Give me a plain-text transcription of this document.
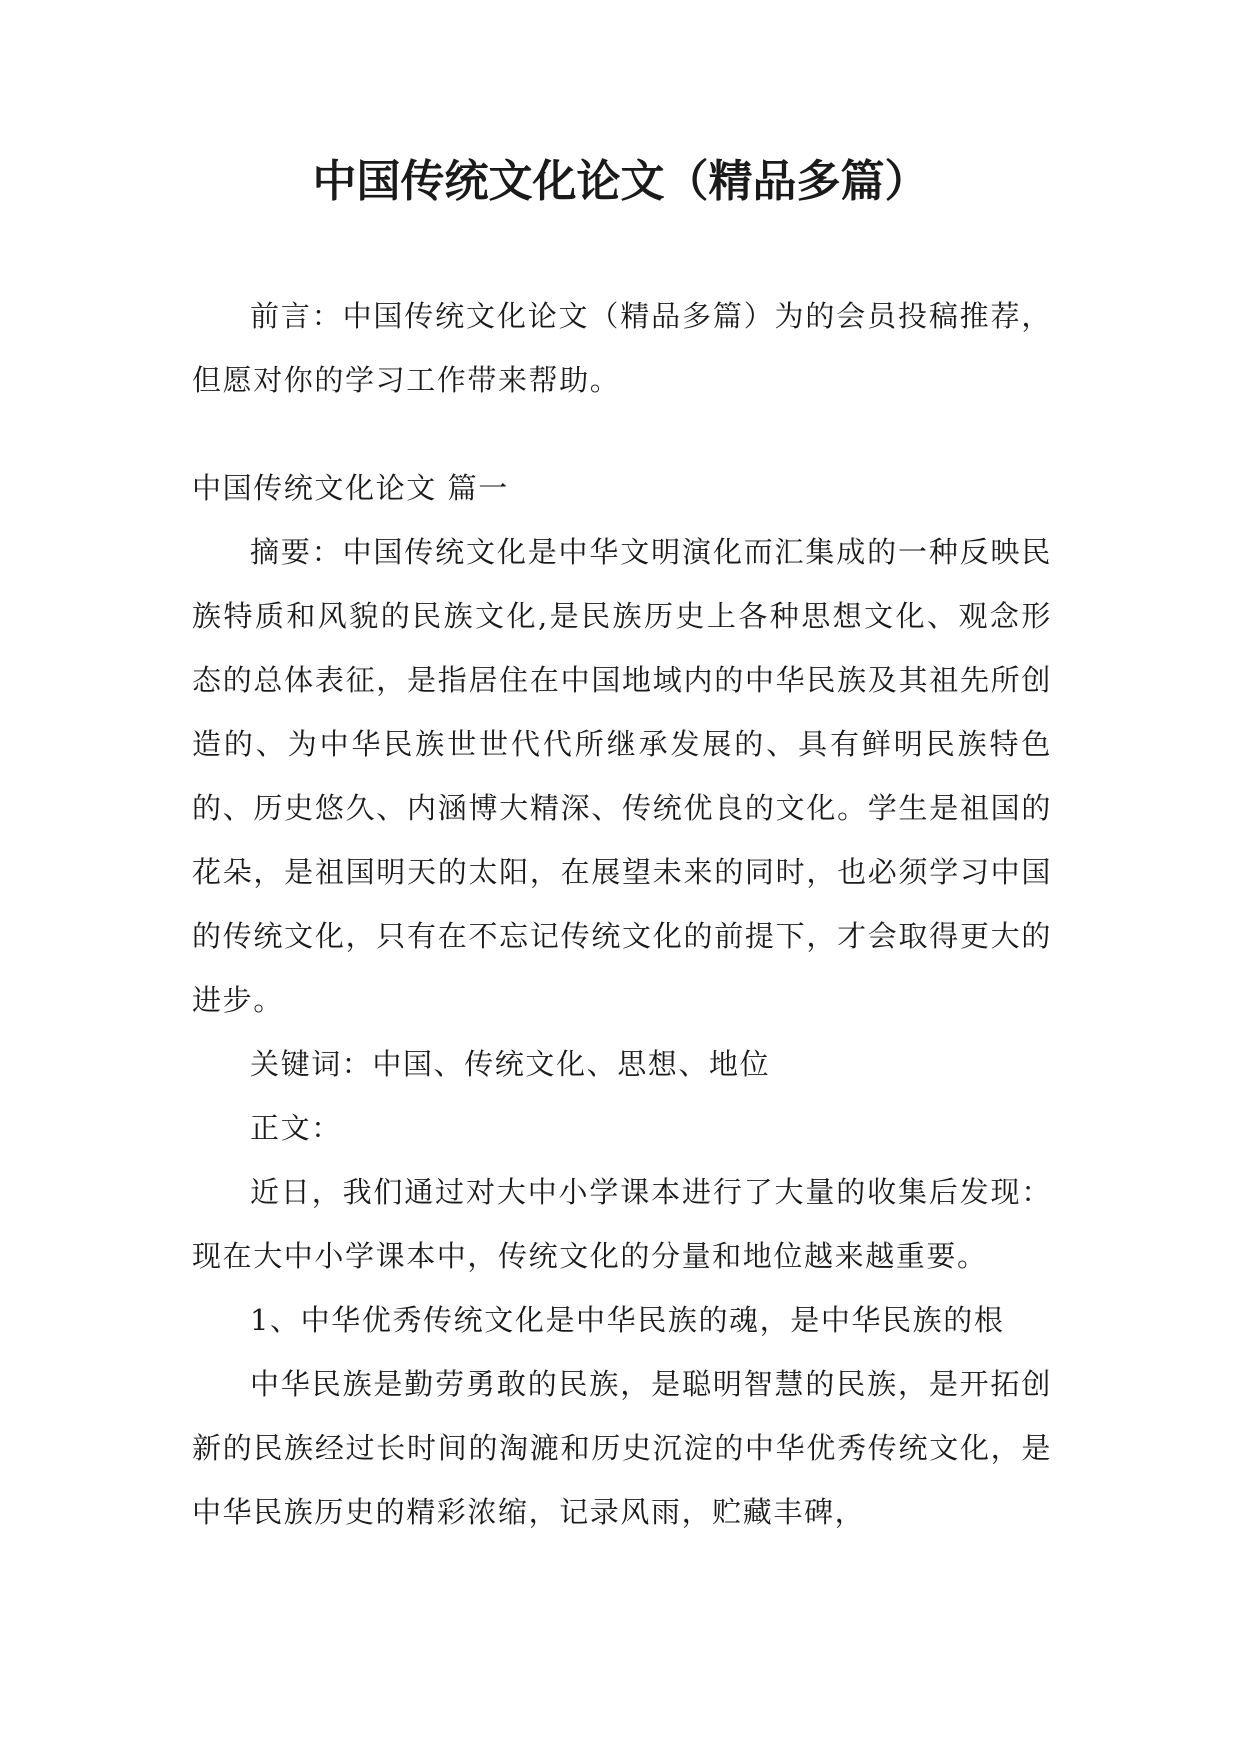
中国传统文化论文（精品多篇）

前言：中国传统文化论文（精品多篇）为的会员投稿推荐，但愿对你的学习工作带来帮助。

中国传统文化论文 篇一

摘要：中国传统文化是中华文明演化而汇集成的一种反映民族特质和风貌的民族文化,是民族历史上各种思想文化、观念形态的总体表征，是指居住在中国地域内的中华民族及其祖先所创造的、为中华民族世世代代所继承发展的、具有鲜明民族特色的、历史悠久、内涵博大精深、传统优良的文化。学生是祖国的花朵，是祖国明天的太阳，在展望未来的同时，也必须学习中国的传统文化，只有在不忘记传统文化的前提下，才会取得更大的进步。

关键词：中国、传统文化、思想、地位

正文：

近日，我们通过对大中小学课本进行了大量的收集后发现：现在大中小学课本中，传统文化的分量和地位越来越重要。

1、中华优秀传统文化是中华民族的魂，是中华民族的根

中华民族是勤劳勇敢的民族，是聪明智慧的民族，是开拓创新的民族经过长时间的淘漉和历史沉淀的中华优秀传统文化，是中华民族历史的精彩浓缩，记录风雨，贮藏丰碑，
